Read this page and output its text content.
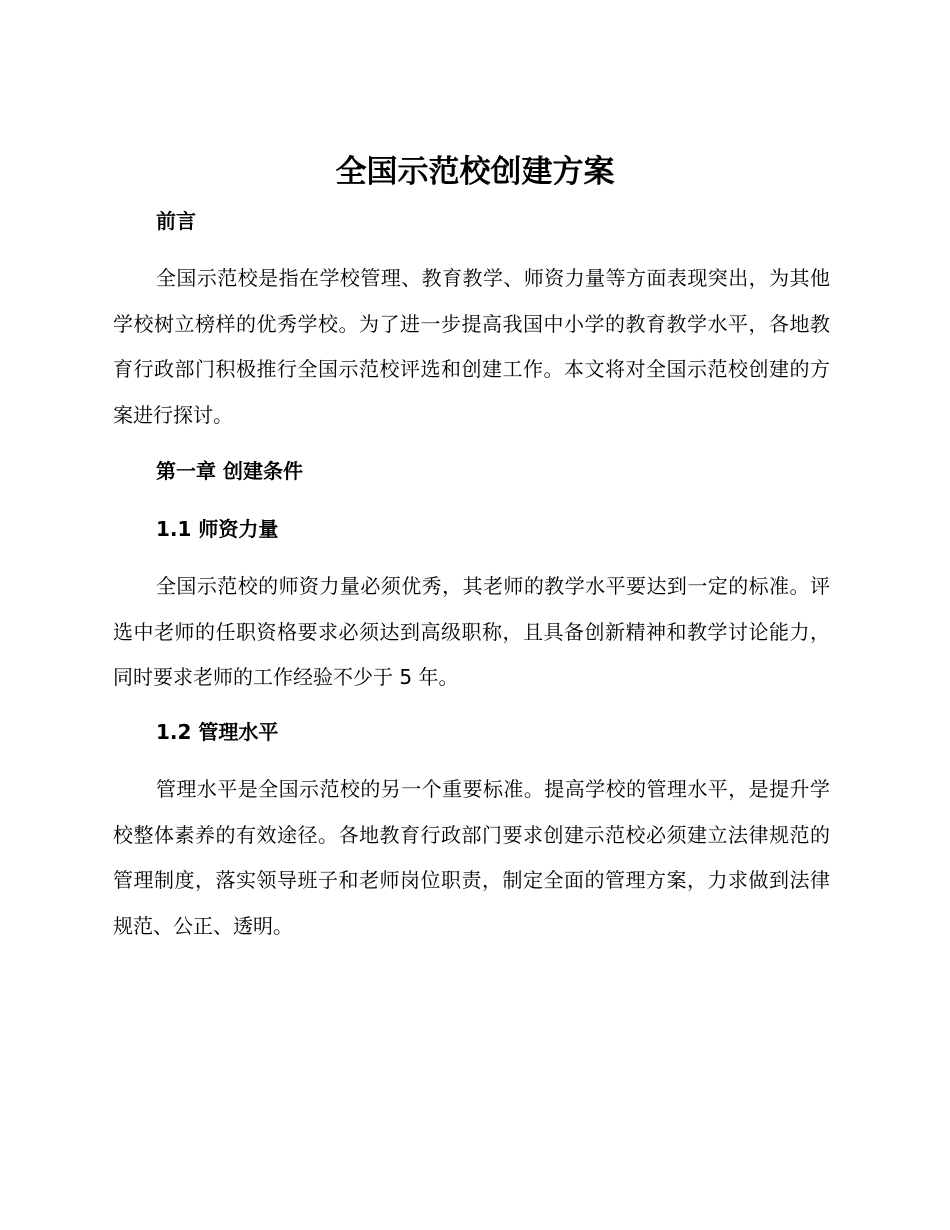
全国示范校创建方案
前言

全国示范校是指在学校管理、教育教学、师资力量等方面表现突出，为其他学校树立榜样的优秀学校。为了进一步提高我国中小学的教育教学水平，各地教育行政部门积极推行全国示范校评选和创建工作。本文将对全国示范校创建的方案进行探讨。

第一章 创建条件
1.1 师资力量

全国示范校的师资力量必须优秀，其老师的教学水平要达到一定的标准。评选中老师的任职资格要求必须达到高级职称，且具备创新精神和教学讨论能力，同时要求老师的工作经验不少于 5 年。

1.2 管理水平

管理水平是全国示范校的另一个重要标准。提高学校的管理水平，是提升学校整体素养的有效途径。各地教育行政部门要求创建示范校必须建立法律规范的管理制度，落实领导班子和老师岗位职责，制定全面的管理方案，力求做到法律规范、公正、透明。
